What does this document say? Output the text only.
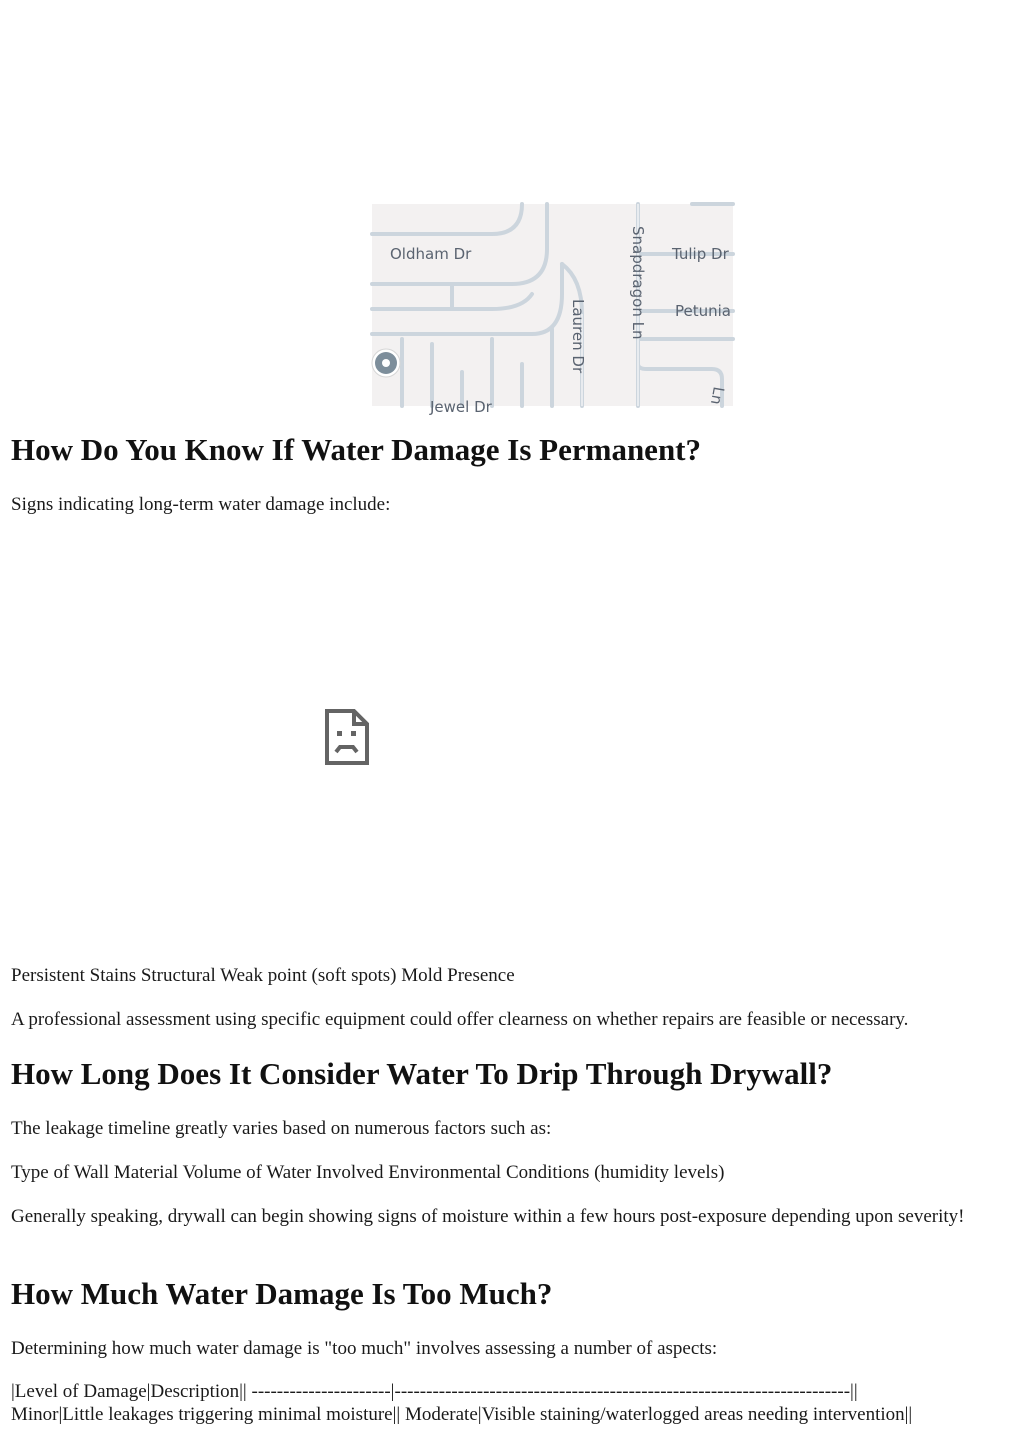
Oldham Dr	Tulip Dr
Petunia
Snapdragon Ln
Lauren Dr
Jewel Dr
Ln
How Do You Know If Water Damage Is Permanent?

Signs indicating long-term water damage include:

Persistent Stains Structural Weak point (soft spots) Mold Presence

A professional assessment using specific equipment could offer clearness on whether repairs are feasible or necessary.

How Long Does It Consider Water To Drip Through Drywall?

The leakage timeline greatly varies based on numerous factors such as:

Type of Wall Material Volume of Water Involved Environmental Conditions (humidity levels)

Generally speaking, drywall can begin showing signs of moisture within a few hours post-exposure depending upon severity!

How Much Water Damage Is Too Much?

Determining how much water damage is "too much" involves assessing a number of aspects:

|Level of Damage|Description|| ----------------------|------------------------------------------------------------------------||

Minor|Little leakages triggering minimal moisture|| Moderate|Visible staining/waterlogged areas needing intervention||
